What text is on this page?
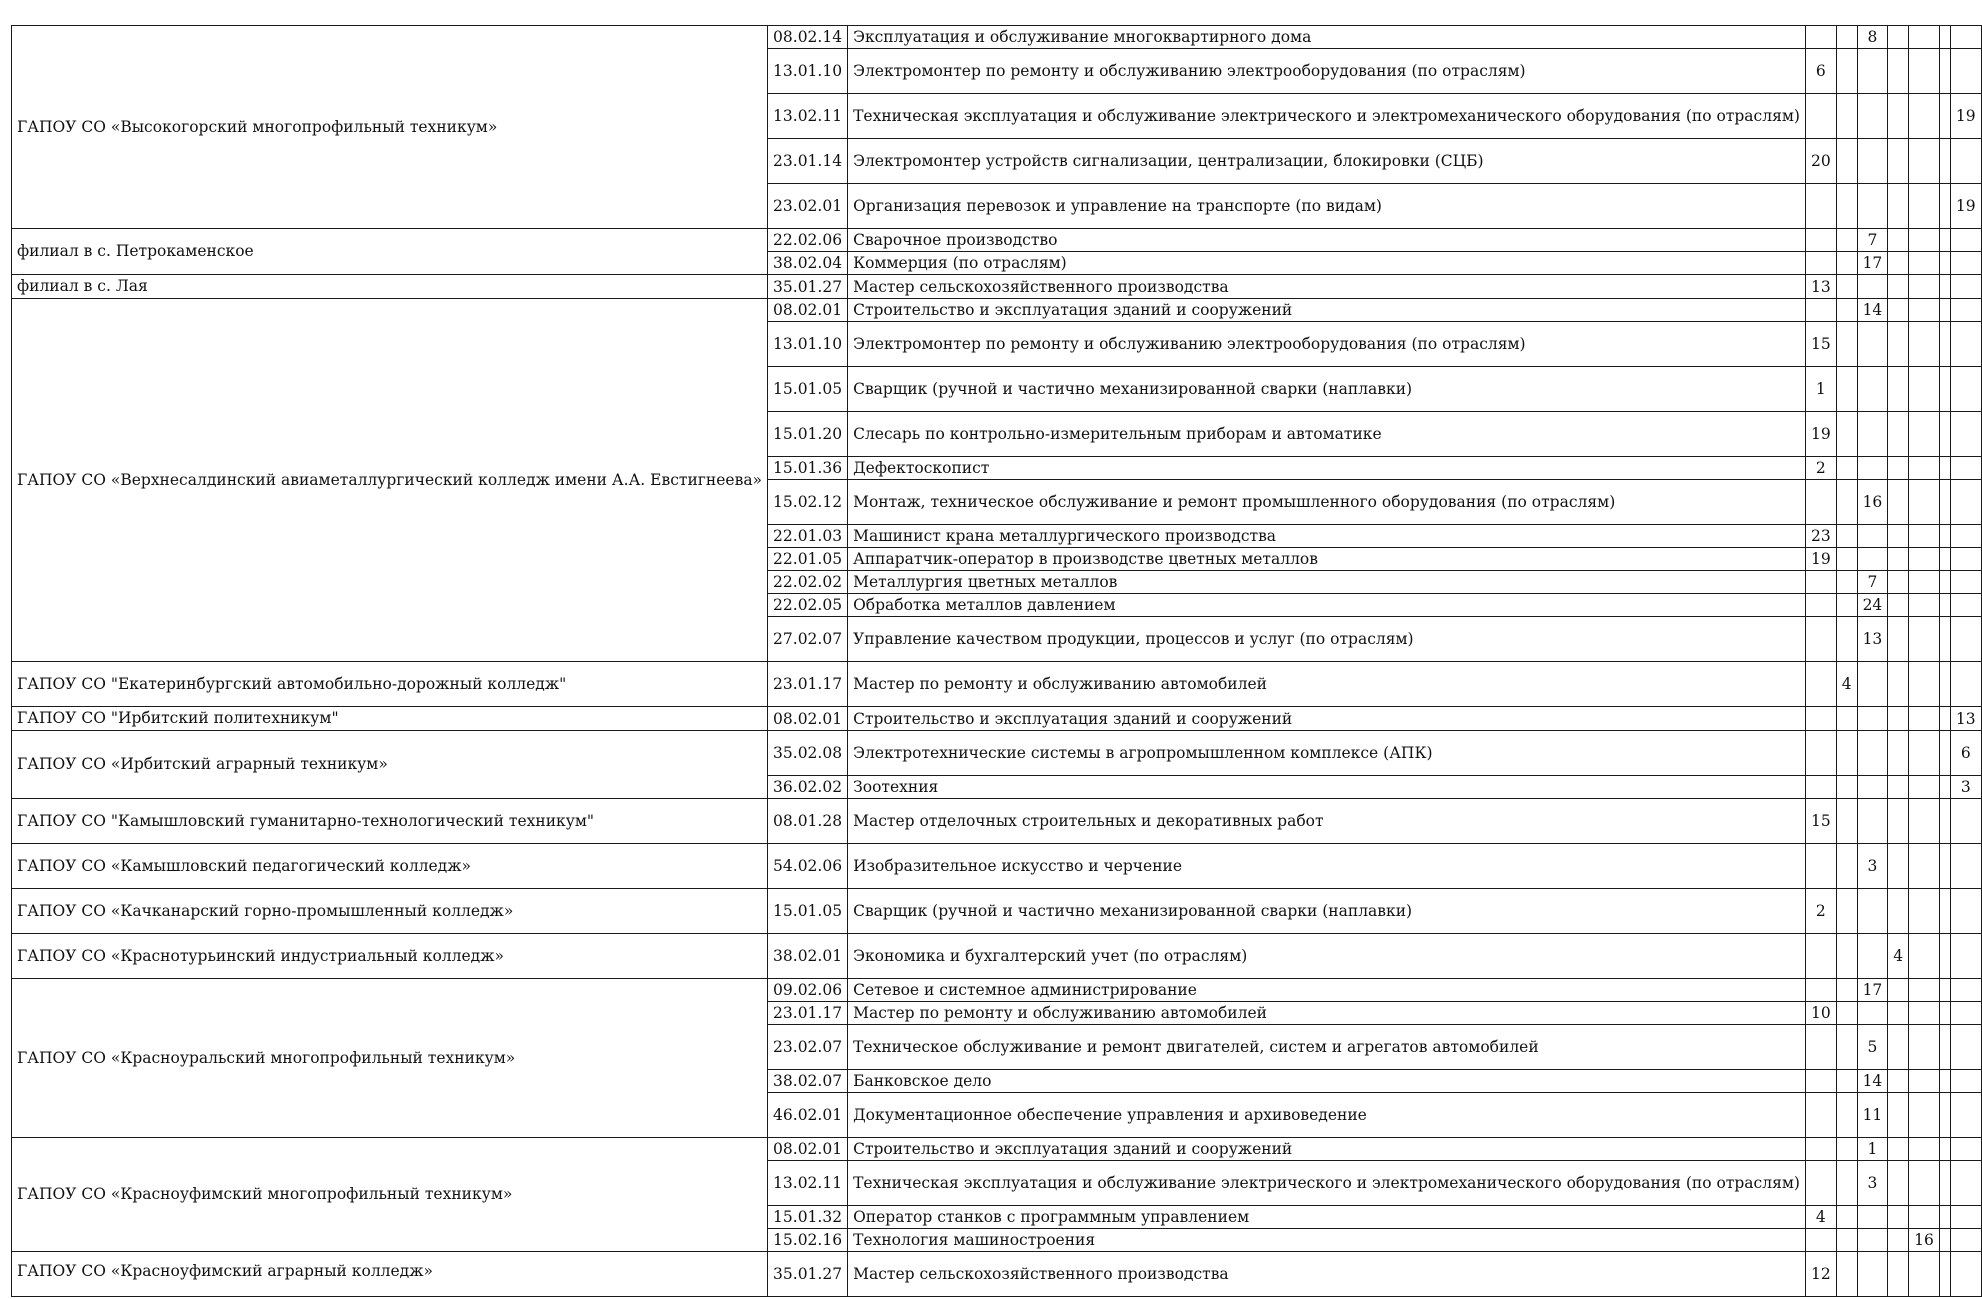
ГАПОУ СО «Высокогорский многопрофильный техникум»	08.02.14	Эксплуатация и обслуживание многоквартирного дома			8				
	13.01.10	Электромонтер по ремонту и обслуживанию электрооборудования (по отраслям)	6						
	13.02.11	Техническая эксплуатация и обслуживание электрического и электромеханического оборудования (по отраслям)							19
	23.01.14	Электромонтер устройств сигнализации, централизации, блокировки (СЦБ)	20						
	23.02.01	Организация перевозок и управление на транспорте (по видам)							19
филиал в с. Петрокаменское	22.02.06	Сварочное производство			7				
	38.02.04	Коммерция (по отраслям)			17				
филиал в с. Лая	35.01.27	Мастер сельскохозяйственного производства	13						
ГАПОУ СО «Верхнесалдинский авиаметаллургический колледж имени А.А. Евстигнеева»	08.02.01	Строительство и эксплуатация зданий и сооружений			14				
	13.01.10	Электромонтер по ремонту и обслуживанию электрооборудования (по отраслям)	15						
	15.01.05	Сварщик (ручной и частично механизированной сварки (наплавки)	1						
	15.01.20	Слесарь по контрольно-измерительным приборам и автоматике	19						
	15.01.36	Дефектоскопист	2						
	15.02.12	Монтаж, техническое обслуживание и ремонт промышленного оборудования (по отраслям)			16				
	22.01.03	Машинист крана металлургического производства	23						
	22.01.05	Аппаратчик-оператор в производстве цветных металлов	19						
	22.02.02	Металлургия цветных металлов			7				
	22.02.05	Обработка металлов давлением			24				
	27.02.07	Управление качеством продукции, процессов и услуг (по отраслям)			13				
ГАПОУ СО "Екатеринбургский автомобильно-дорожный колледж"	23.01.17	Мастер по ремонту и обслуживанию автомобилей		4					
ГАПОУ СО "Ирбитский политехникум"	08.02.01	Строительство и эксплуатация зданий и сооружений							13
ГАПОУ СО «Ирбитский аграрный техникум»	35.02.08	Электротехнические системы в агропромышленном комплексе (АПК)							6
	36.02.02	Зоотехния							3
ГАПОУ СО "Камышловский гуманитарно-технологический техникум"	08.01.28	Мастер отделочных строительных и декоративных работ	15						
ГАПОУ СО «Камышловский педагогический колледж»	54.02.06	Изобразительное искусство и черчение			3				
ГАПОУ СО «Качканарский горно-промышленный колледж»	15.01.05	Сварщик (ручной и частично механизированной сварки (наплавки)	2						
ГАПОУ СО «Краснотурьинский индустриальный колледж»	38.02.01	Экономика и бухгалтерский учет (по отраслям)				4			
ГАПОУ СО «Красноуральский многопрофильный техникум»	09.02.06	Сетевое и системное администрирование			17				
	23.01.17	Мастер по ремонту и обслуживанию автомобилей	10						
	23.02.07	Техническое обслуживание и ремонт двигателей, систем и агрегатов автомобилей			5				
	38.02.07	Банковское дело			14				
	46.02.01	Документационное обеспечение управления и архивоведение			11				
ГАПОУ СО «Красноуфимский многопрофильный техникум»	08.02.01	Строительство и эксплуатация зданий и сооружений			1				
	13.02.11	Техническая эксплуатация и обслуживание электрического и электромеханического оборудования (по отраслям)			3				
	15.01.32	Оператор станков с программным управлением	4						
	15.02.16	Технология машиностроения					16		
ГАПОУ СО «Красноуфимский аграрный колледж»	35.01.27	Мастер сельскохозяйственного производства	12						
